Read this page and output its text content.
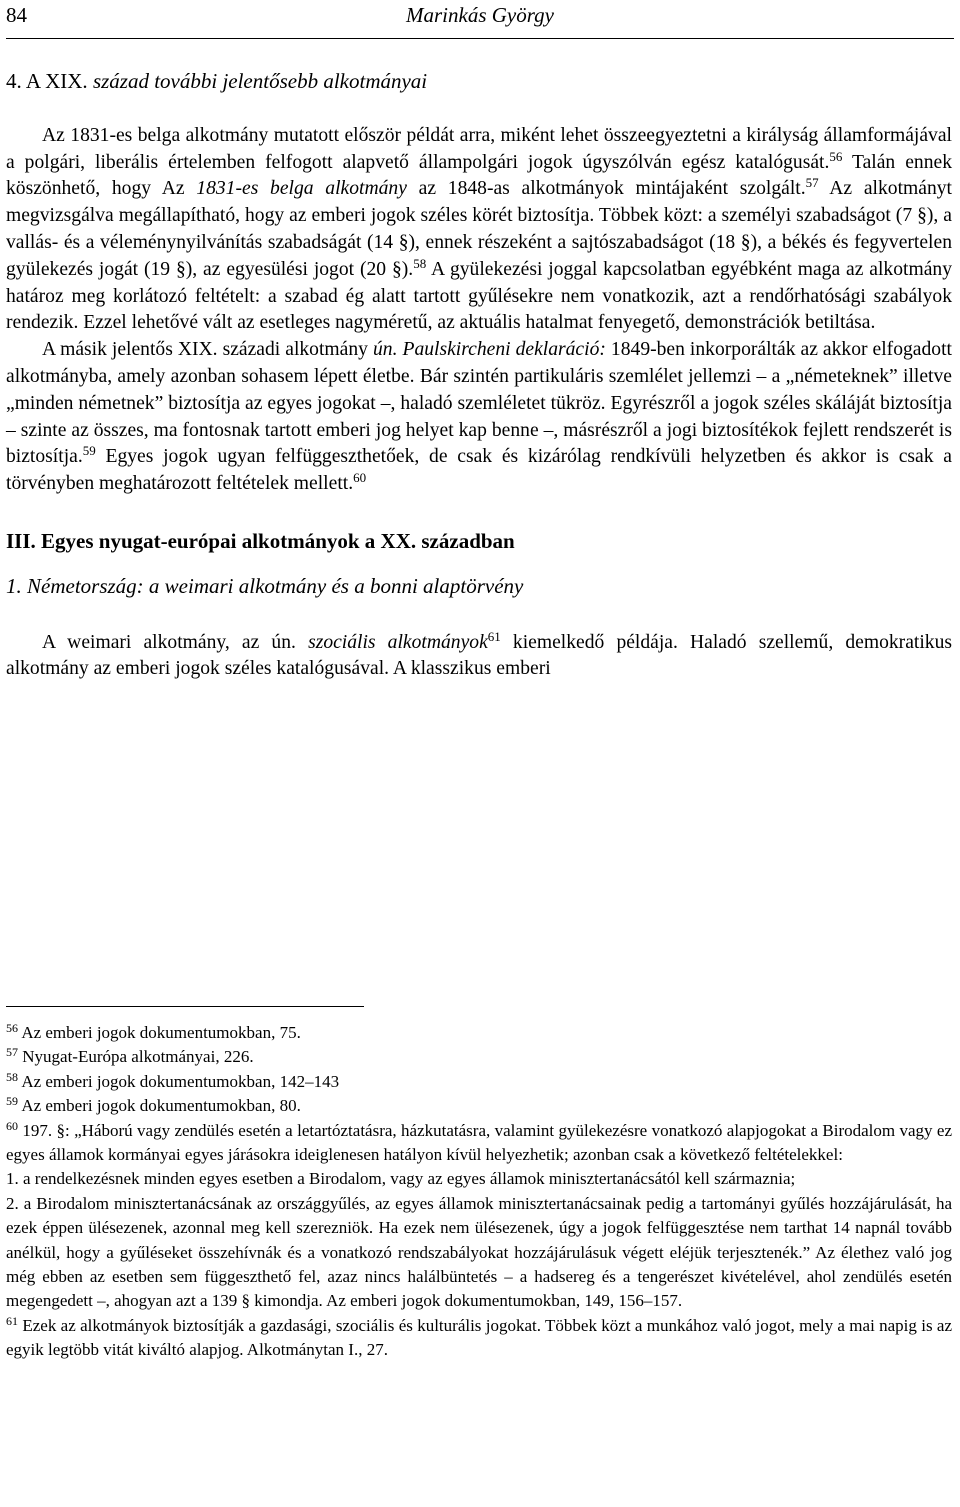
84	Marinkás György
4. A XIX. század további jelentősebb alkotmányai

Az 1831-es belga alkotmány mutatott először példát arra, miként lehet összeegyeztetni a királyság államformájával a polgári, liberális értelemben felfogott alapvető állampolgári jogok úgyszólván egész katalógusát.$^{56}$ Talán ennek köszönhető, hogy Az 1831-es belga alkotmány az 1848-as alkotmányok mintájaként szolgált.$^{57}$ Az alkotmányt megvizsgálva megállapítható, hogy az emberi jogok széles körét biztosítja. Többek közt: a személyi szabadságot (7 §), a vallás- és a véleménynyilvánítás szabadságát (14 §), ennek részeként a sajtószabadságot (18 §), a békés és fegyvertelen gyülekezés jogát (19 §), az egyesülési jogot (20 §).$^{58}$ A gyülekezési joggal kapcsolatban egyébként maga az alkotmány határoz meg korlátozó feltételt: a szabad ég alatt tartott gyűlésekre nem vonatkozik, azt a rendőrhatósági szabályok rendezik. Ezzel lehetővé vált az esetleges nagyméretű, az aktuális hatalmat fenyegető, demonstrációk betiltása.

A másik jelentős XIX. századi alkotmány ún. Paulskircheni deklaráció: 1849-ben inkorporálták az akkor elfogadott alkotmányba, amely azonban sohasem lépett életbe. Bár szintén partikuláris szemlélet jellemzi – a „németeknek” illetve „minden németnek” biztosítja az egyes jogokat –, haladó szemléletet tükröz. Egyrészről a jogok széles skáláját biztosítja – szinte az összes, ma fontosnak tartott emberi jog helyet kap benne –, másrészről a jogi biztosítékok fejlett rendszerét is biztosítja.$^{59}$ Egyes jogok ugyan felfüggeszthetőek, de csak és kizárólag rendkívüli helyzetben és akkor is csak a törvényben meghatározott feltételek mellett.$^{60}$

III. Egyes nyugat-európai alkotmányok a XX. században
1. Németország: a weimari alkotmány és a bonni alaptörvény

A weimari alkotmány, az ún. szociális alkotmányok$^{61}$ kiemelkedő példája. Haladó szellemű, demokratikus alkotmány az emberi jogok széles katalógusával. A klasszikus emberi

$^{56}$ Az emberi jogok dokumentumokban, 75.

$^{57}$ Nyugat-Európa alkotmányai, 226.

$^{58}$ Az emberi jogok dokumentumokban, 142–143

$^{59}$ Az emberi jogok dokumentumokban, 80.

$^{60}$ 197. §: „Háború vagy zendülés esetén a letartóztatásra, házkutatásra, valamint gyülekezésre vonatkozó alapjogokat a Birodalom vagy ez egyes államok kormányai egyes járásokra ideiglenesen hatályon kívül helyezhetik; azonban csak a következő feltételekkel:

1. a rendelkezésnek minden egyes esetben a Birodalom, vagy az egyes államok minisztertanácsától kell származnia;

2. a Birodalom minisztertanácsának az országgyűlés, az egyes államok minisztertanácsainak pedig a tartományi gyűlés hozzájárulását, ha ezek éppen ülésezenek, azonnal meg kell szerezniök. Ha ezek nem ülésezenek, úgy a jogok felfüggesztése nem tarthat 14 napnál tovább anélkül, hogy a gyűléseket összehívnák és a vonatkozó rendszabályokat hozzájárulásuk végett eléjük terjesztenék.” Az élethez való jog még ebben az esetben sem függeszthető fel, azaz nincs halálbüntetés – a hadsereg és a tengerészet kivételével, ahol zendülés esetén megengedett –, ahogyan azt a 139 § kimondja. Az emberi jogok dokumentumokban, 149, 156–157.

$^{61}$ Ezek az alkotmányok biztosítják a gazdasági, szociális és kulturális jogokat. Többek közt a munkához való jogot, mely a mai napig is az egyik legtöbb vitát kiváltó alapjog. Alkotmánytan I., 27.
